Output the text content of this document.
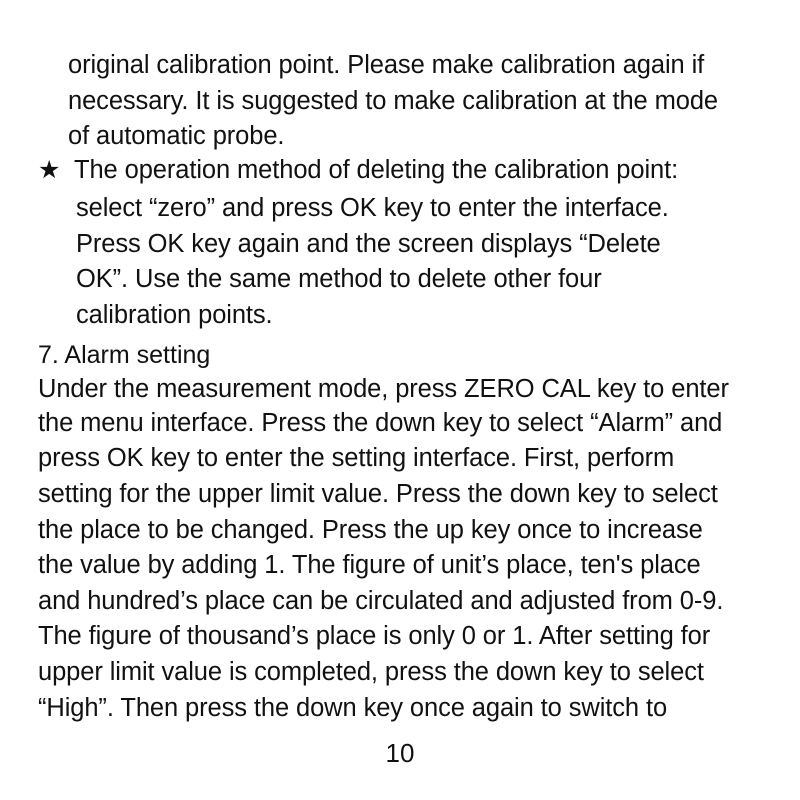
original calibration point. Please make calibration again if
necessary. It is suggested to make calibration at the mode
of automatic probe.
★ The operation method of deleting the calibration point:
select “zero” and press OK key to enter the interface.
Press OK key again and the screen displays “Delete
OK”. Use the same method to delete other four
calibration points.
7. Alarm setting
Under the measurement mode, press ZERO CAL key to enter
the menu interface. Press the down key to select “Alarm” and
press OK key to enter the setting interface. First, perform
setting for the upper limit value. Press the down key to select
the place to be changed. Press the up key once to increase
the value by adding 1. The figure of unit’s place, ten's place
and hundred’s place can be circulated and adjusted from 0-9.
The figure of thousand’s place is only 0 or 1. After setting for
upper limit value is completed, press the down key to select
“High”. Then press the down key once again to switch to
10
